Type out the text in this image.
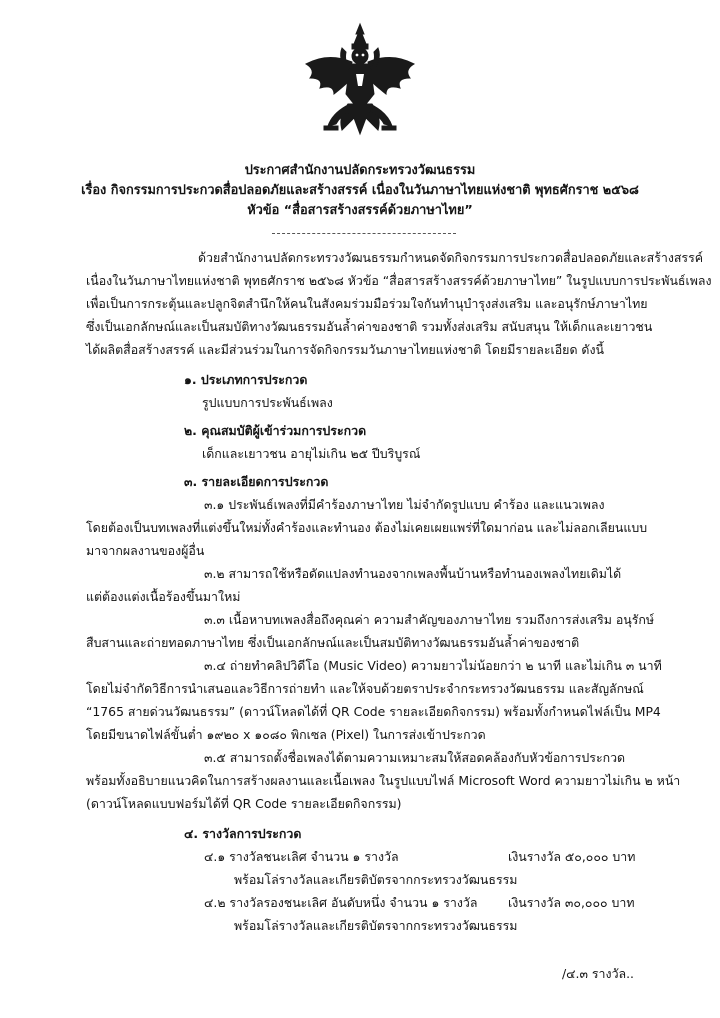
ประกาศสำนักงานปลัดกระทรวงวัฒนธรรม
เรื่อง กิจกรรมการประกวดสื่อปลอดภัยและสร้างสรรค์ เนื่องในวันภาษาไทยแห่งชาติ พุทธศักราช ๒๕๖๘
หัวข้อ “สื่อสารสร้างสรรค์ด้วยภาษาไทย”
ด้วยสำนักงานปลัดกระทรวงวัฒนธรรมกำหนดจัดกิจกรรมการประกวดสื่อปลอดภัยและสร้างสรรค์
เนื่องในวันภาษาไทยแห่งชาติ พุทธศักราช ๒๕๖๘ หัวข้อ “สื่อสารสร้างสรรค์ด้วยภาษาไทย” ในรูปแบบการประพันธ์เพลง
เพื่อเป็นการกระตุ้นและปลูกจิตสำนึกให้คนในสังคมร่วมมือร่วมใจกันทำนุบำรุงส่งเสริม และอนุรักษ์ภาษาไทย
ซึ่งเป็นเอกลักษณ์และเป็นสมบัติทางวัฒนธรรมอันล้ำค่าของชาติ รวมทั้งส่งเสริม สนับสนุน ให้เด็กและเยาวชน
ได้ผลิตสื่อสร้างสรรค์ และมีส่วนร่วมในการจัดกิจกรรมวันภาษาไทยแห่งชาติ โดยมีรายละเอียด ดังนี้
๑. ประเภทการประกวด
รูปแบบการประพันธ์เพลง
๒. คุณสมบัติผู้เข้าร่วมการประกวด
เด็กและเยาวชน อายุไม่เกิน ๒๕ ปีบริบูรณ์
๓. รายละเอียดการประกวด
๓.๑ ประพันธ์เพลงที่มีคำร้องภาษาไทย ไม่จำกัดรูปแบบ คำร้อง และแนวเพลง
โดยต้องเป็นบทเพลงที่แต่งขึ้นใหม่ทั้งคำร้องและทำนอง ต้องไม่เคยเผยแพร่ที่ใดมาก่อน และไม่ลอกเลียนแบบ
มาจากผลงานของผู้อื่น
๓.๒ สามารถใช้หรือดัดแปลงทำนองจากเพลงพื้นบ้านหรือทำนองเพลงไทยเดิมได้
แต่ต้องแต่งเนื้อร้องขึ้นมาใหม่
๓.๓ เนื้อหาบทเพลงสื่อถึงคุณค่า ความสำคัญของภาษาไทย รวมถึงการส่งเสริม อนุรักษ์
สืบสานและถ่ายทอดภาษาไทย ซึ่งเป็นเอกลักษณ์และเป็นสมบัติทางวัฒนธรรมอันล้ำค่าของชาติ
๓.๔ ถ่ายทำคลิปวิดีโอ (Music Video) ความยาวไม่น้อยกว่า ๒ นาที และไม่เกิน ๓ นาที
โดยไม่จำกัดวิธีการนำเสนอและวิธีการถ่ายทำ และให้จบด้วยตราประจำกระทรวงวัฒนธรรม และสัญลักษณ์
“1765 สายด่วนวัฒนธรรม” (ดาวน์โหลดได้ที่ QR Code รายละเอียดกิจกรรม) พร้อมทั้งกำหนดไฟล์เป็น MP4
โดยมีขนาดไฟล์ขั้นต่ำ ๑๙๒๐ x ๑๐๘๐ พิกเซล (Pixel) ในการส่งเข้าประกวด
๓.๕ สามารถตั้งชื่อเพลงได้ตามความเหมาะสมให้สอดคล้องกับหัวข้อการประกวด
พร้อมทั้งอธิบายแนวคิดในการสร้างผลงานและเนื้อเพลง ในรูปแบบไฟล์ Microsoft Word ความยาวไม่เกิน ๒ หน้า
(ดาวน์โหลดแบบฟอร์มได้ที่ QR Code รายละเอียดกิจกรรม)
๔. รางวัลการประกวด
๔.๑ รางวัลชนะเลิศ จำนวน ๑ รางวัล	เงินรางวัล ๕๐,๐๐๐ บาท
พร้อมโล่รางวัลและเกียรติบัตรจากกระทรวงวัฒนธรรม
๔.๒ รางวัลรองชนะเลิศ อันดับหนึ่ง จำนวน ๑ รางวัล เงินรางวัล ๓๐,๐๐๐ บาท
พร้อมโล่รางวัลและเกียรติบัตรจากกระทรวงวัฒนธรรม
/๔.๓ รางวัล..
